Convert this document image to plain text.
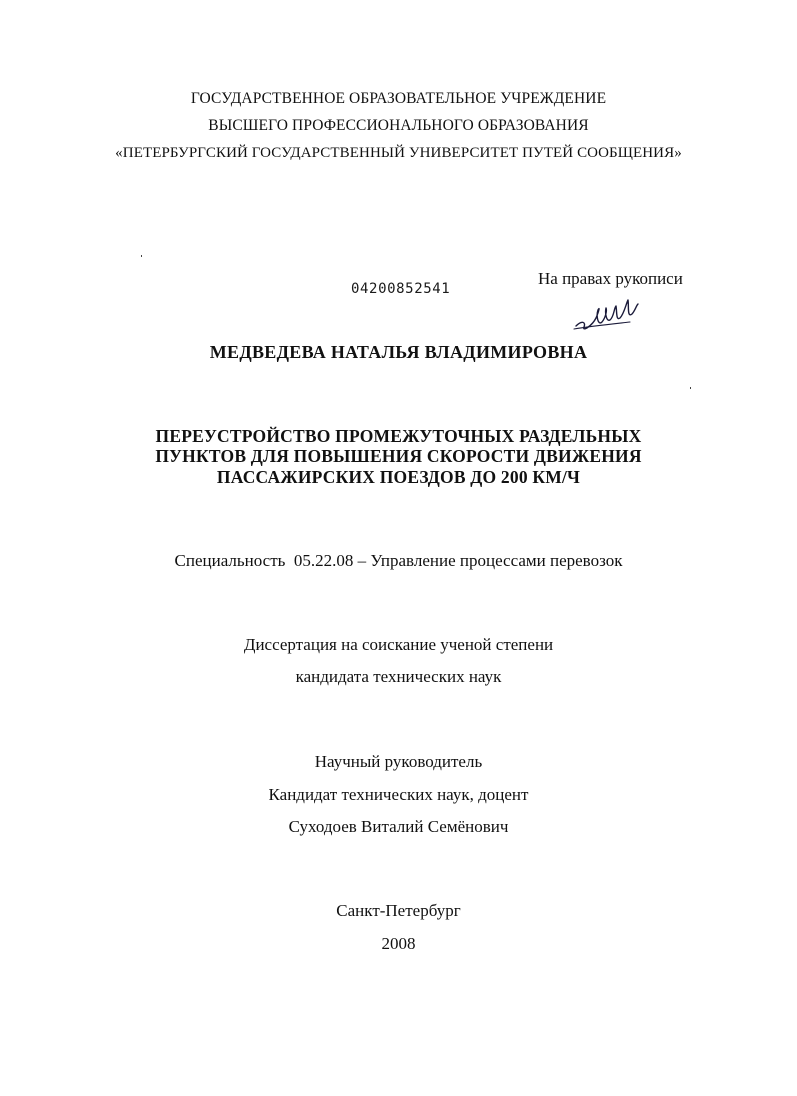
ГОСУДАРСТВЕННОЕ ОБРАЗОВАТЕЛЬНОЕ УЧРЕЖДЕНИЕ
ВЫСШЕГО ПРОФЕССИОНАЛЬНОГО ОБРАЗОВАНИЯ
«ПЕТЕРБУРГСКИЙ ГОСУДАРСТВЕННЫЙ УНИВЕРСИТЕТ ПУТЕЙ СООБЩЕНИЯ»
04200852541
На правах рукописи
МЕДВЕДЕВА НАТАЛЬЯ ВЛАДИМИРОВНА
ПЕРЕУСТРОЙСТВО ПРОМЕЖУТОЧНЫХ РАЗДЕЛЬНЫХ
ПУНКТОВ ДЛЯ ПОВЫШЕНИЯ СКОРОСТИ ДВИЖЕНИЯ
ПАССАЖИРСКИХ ПОЕЗДОВ ДО 200 КМ/Ч
Специальность  05.22.08 – Управление процессами перевозок
Диссертация на соискание ученой степени
кандидата технических наук
Научный руководитель
Кандидат технических наук, доцент
Суходоев Виталий Семёнович
Санкт-Петербург
2008
